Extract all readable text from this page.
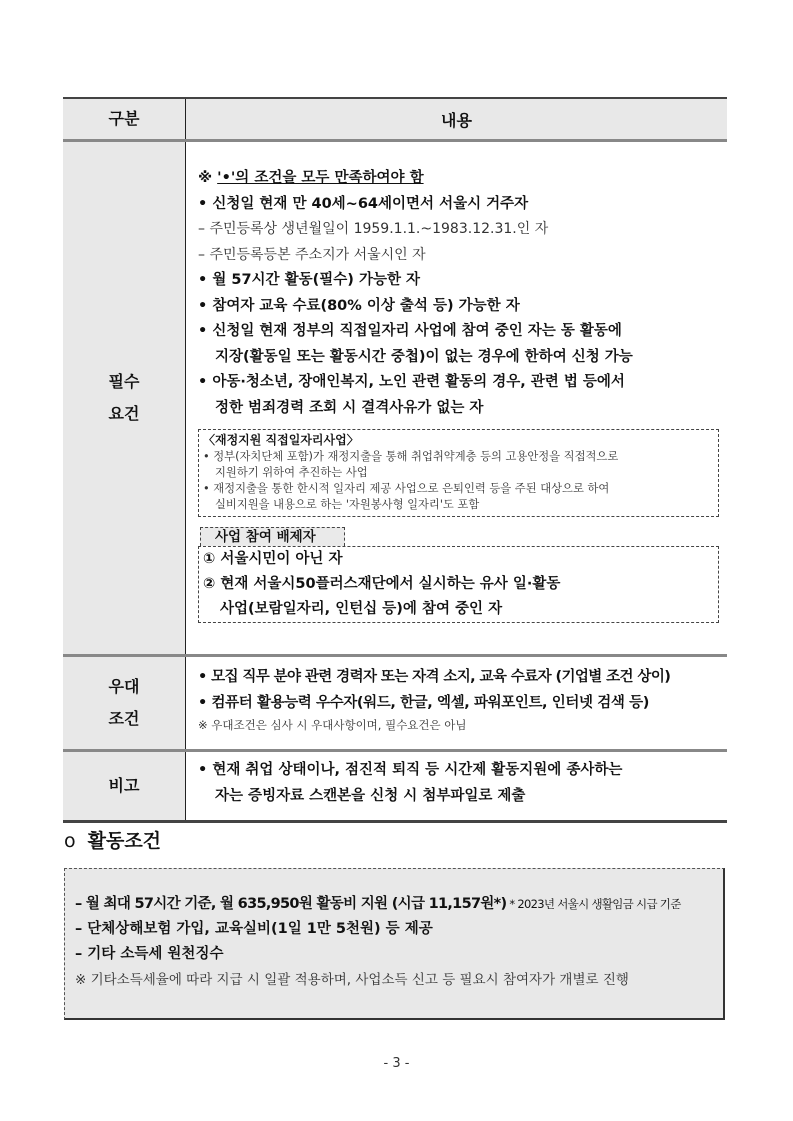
구분	내용
필수
요건
※ '•'의 조건을 모두 만족하여야 함
• 신청일 현재 만 40세~64세이면서 서울시 거주자
– 주민등록상 생년월일이 1959.1.1.~1983.12.31.인 자
– 주민등록등본 주소지가 서울시인 자
• 월 57시간 활동(필수) 가능한 자
• 참여자 교육 수료(80% 이상 출석 등) 가능한 자
• 신청일 현재 정부의 직접일자리 사업에 참여 중인 자는 동 활동에
지장(활동일 또는 활동시간 중첩)이 없는 경우에 한하여 신청 가능
• 아동·청소년, 장애인복지, 노인 관련 활동의 경우, 관련 법 등에서
정한 범죄경력 조회 시 결격사유가 없는 자
〈재정지원 직접일자리사업〉
• 정부(자치단체 포함)가 재정지출을 통해 취업취약계층 등의 고용안정을 직접적으로
지원하기 위하여 추진하는 사업
• 재정지출을 통한 한시적 일자리 제공 사업으로 은퇴인력 등을 주된 대상으로 하여
실비지원을 내용으로 하는 '자원봉사형 일자리'도 포함
사업 참여 배제자
① 서울시민이 아닌 자
② 현재 서울시50플러스재단에서 실시하는 유사 일·활동
사업(보람일자리, 인턴십 등)에 참여 중인 자
우대
조건
• 모집 직무 분야 관련 경력자 또는 자격 소지, 교육 수료자 (기업별 조건 상이)
• 컴퓨터 활용능력 우수자(워드, 한글, 엑셀, 파워포인트, 인터넷 검색 등)
※ 우대조건은 심사 시 우대사항이며, 필수요건은 아님
비고
• 현재 취업 상태이나, 점진적 퇴직 등 시간제 활동지원에 종사하는
자는 증빙자료 스캔본을 신청 시 첨부파일로 제출
o 활동조건
– 월 최대 57시간 기준, 월 635,950원 활동비 지원 (시급 11,157원*) * 2023년 서울시 생활임금 시급 기준
– 단체상해보험 가입, 교육실비(1일 1만 5천원) 등 제공
– 기타 소득세 원천징수
※ 기타소득세율에 따라 지급 시 일괄 적용하며, 사업소득 신고 등 필요시 참여자가 개별로 진행
- 3 -
